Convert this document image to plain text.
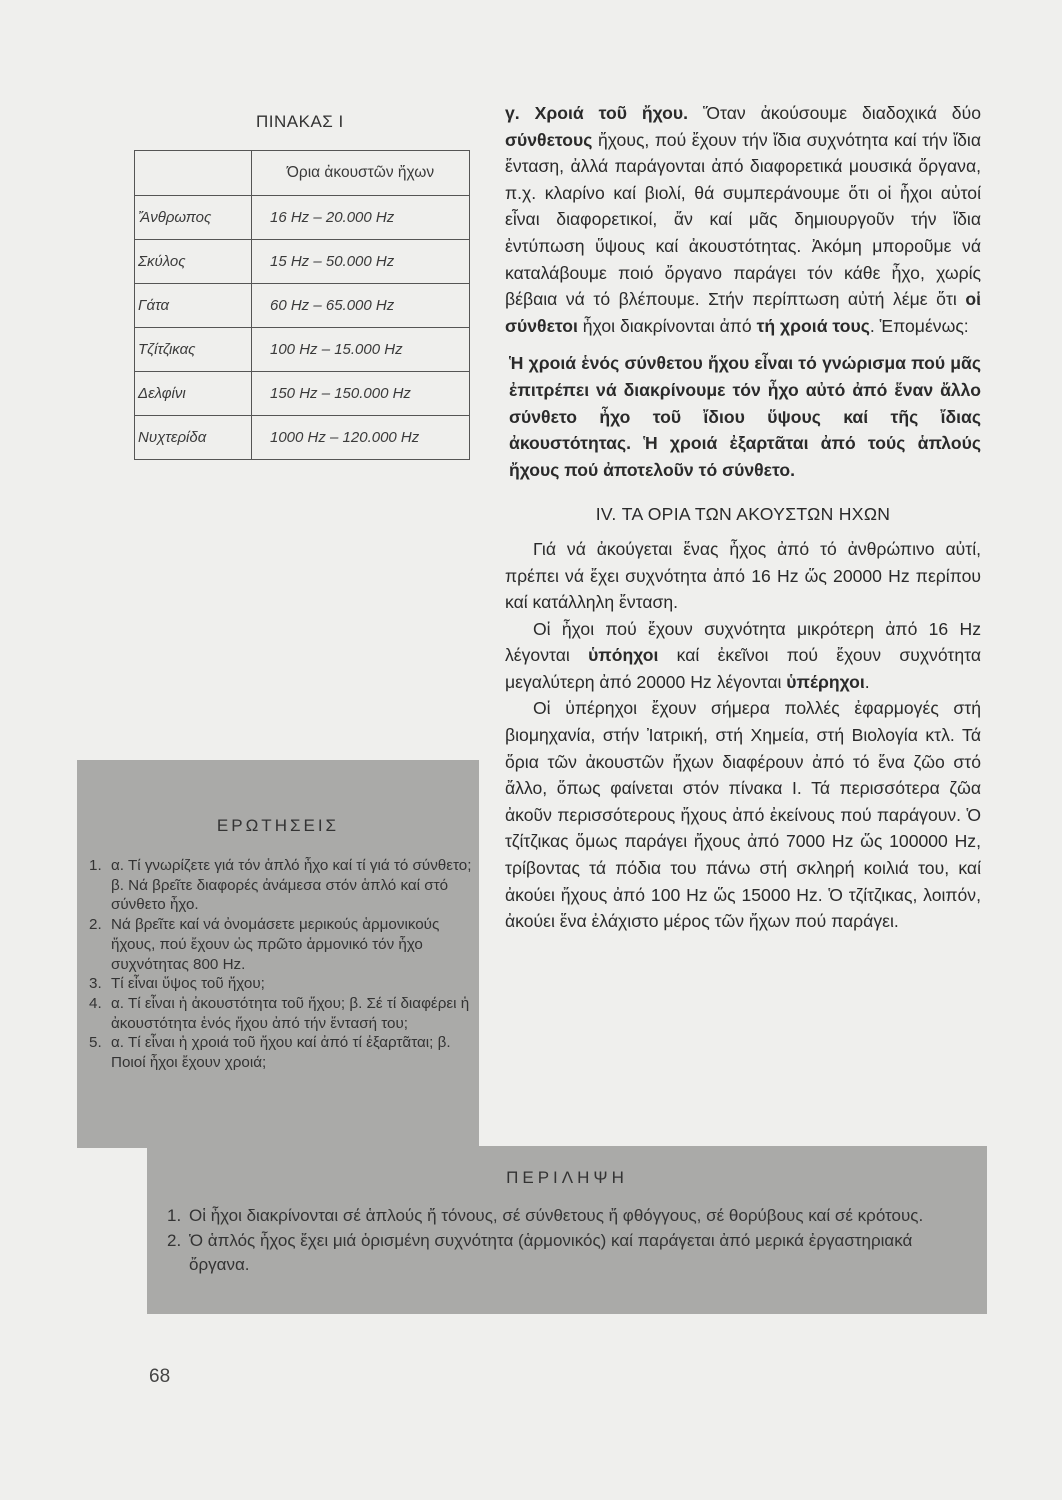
ΠΙΝΑΚΑΣ Ι
	Όρια ἀκουστῶν ἤχων
Ἄνθρωπος	16 Hz – 20.000 Hz
Σκύλος	15 Hz – 50.000 Hz
Γάτα	60 Hz – 65.000 Hz
Τζίτζικας	100 Hz – 15.000 Hz
Δελφίνι	150 Hz – 150.000 Hz
Νυχτερίδα	1000 Hz – 120.000 Hz

γ. Χροιά τοῦ ἤχου. Ὅταν ἀκούσουμε διαδοχικά δύο σύνθετους ἤχους, πού ἔχουν τήν ἴδια συχνότητα καί τήν ἴδια ἔνταση, ἀλλά παράγονται ἀπό διαφορετικά μουσικά ὄργανα, π.χ. κλαρίνο καί βιολί, θά συμπεράνουμε ὅτι οἱ ἦχοι αὐτοί εἶναι διαφορετικοί, ἄν καί μᾶς δημιουργοῦν τήν ἴδια ἐντύπωση ὕψους καί ἀκουστότητας. Ἀκόμη μποροῦμε νά καταλάβουμε ποιό ὄργανο παράγει τόν κάθε ἦχο, χωρίς βέβαια νά τό βλέπουμε. Στήν περίπτωση αὐτή λέμε ὅτι οἱ σύνθετοι ἦχοι διακρίνονται ἀπό τή χροιά τους. Ἑπομένως:

Ἡ χροιά ἑνός σύνθετου ἤχου εἶναι τό γνώρισμα πού μᾶς ἐπιτρέπει νά διακρίνουμε τόν ἦχο αὐτό ἀπό ἕναν ἄλλο σύνθετο ἦχο τοῦ ἴδιου ὕψους καί τῆς ἴδιας ἀκουστότητας. Ἡ χροιά ἐξαρτᾶται ἀπό τούς ἁπλούς ἤχους πού ἀποτελοῦν τό σύνθετο.

IV. ΤΑ ΟΡΙΑ ΤΩΝ ΑΚΟΥΣΤΩΝ ΗΧΩΝ

Γιά νά ἀκούγεται ἕνας ἦχος ἀπό τό ἀνθρώπινο αὐτί, πρέπει νά ἔχει συχνότητα ἀπό 16 Hz ὥς 20000 Hz περίπου καί κατάλληλη ἔνταση.

Οἱ ἦχοι πού ἔχουν συχνότητα μικρότερη ἀπό 16 Hz λέγονται ὑπόηχοι καί ἐκεῖνοι πού ἔχουν συχνότητα μεγαλύτερη ἀπό 20000 Hz λέγονται ὑπέρηχοι.

Οἱ ὑπέρηχοι ἔχουν σήμερα πολλές ἐφαρμογές στή βιομηχανία, στήν Ἰατρική, στή Χημεία, στή Βιολογία κτλ. Τά ὅρια τῶν ἀκουστῶν ἤχων διαφέρουν ἀπό τό ἕνα ζῶο στό ἄλλο, ὅπως φαίνεται στόν πίνακα Ι. Τά περισσότερα ζῶα ἀκοῦν περισσότερους ἤχους ἀπό ἐκείνους πού παράγουν. Ὁ τζίτζικας ὅμως παράγει ἤχους ἀπό 7000 Hz ὥς 100000 Hz, τρίβοντας τά πόδια του πάνω στή σκληρή κοιλιά του, καί ἀκούει ἤχους ἀπό 100 Hz ὥς 15000 Hz. Ὁ τζίτζικας, λοιπόν, ἀκούει ἕνα ἐλάχιστο μέρος τῶν ἤχων πού παράγει.

ΕΡΩΤΗΣΕΙΣ
1. α. Τί γνωρίζετε γιά τόν ἁπλό ἦχο καί τί γιά τό σύνθετο; β. Νά βρεῖτε διαφορές ἀνάμεσα στόν ἁπλό καί στό σύνθετο ἦχο.
2. Νά βρεῖτε καί νά ὀνομάσετε μερικούς ἁρμονικούς ἤχους, πού ἔχουν ὡς πρῶτο ἁρμονικό τόν ἦχο συχνότητας 800 Hz.
3. Τί εἶναι ὕψος τοῦ ἤχου;
4. α. Τί εἶναι ἡ ἀκουστότητα τοῦ ἤχου; β. Σέ τί διαφέρει ἡ ἀκουστότητα ἑνός ἤχου ἀπό τήν ἔντασή του;
5. α. Τί εἶναι ἡ χροιά τοῦ ἤχου καί ἀπό τί ἐξαρτᾶται; β. Ποιοί ἦχοι ἔχουν χροιά;
ΠΕΡΙΛΗΨΗ
1. Οἱ ἦχοι διακρίνονται σέ ἁπλούς ἤ τόνους, σέ σύνθετους ἤ φθόγγους, σέ θορύβους καί σέ κρότους.
2. Ὁ ἁπλός ἦχος ἔχει μιά ὁρισμένη συχνότητα (ἁρμονικός) καί παράγεται ἀπό μερικά ἐργαστηριακά ὄργανα.
68
